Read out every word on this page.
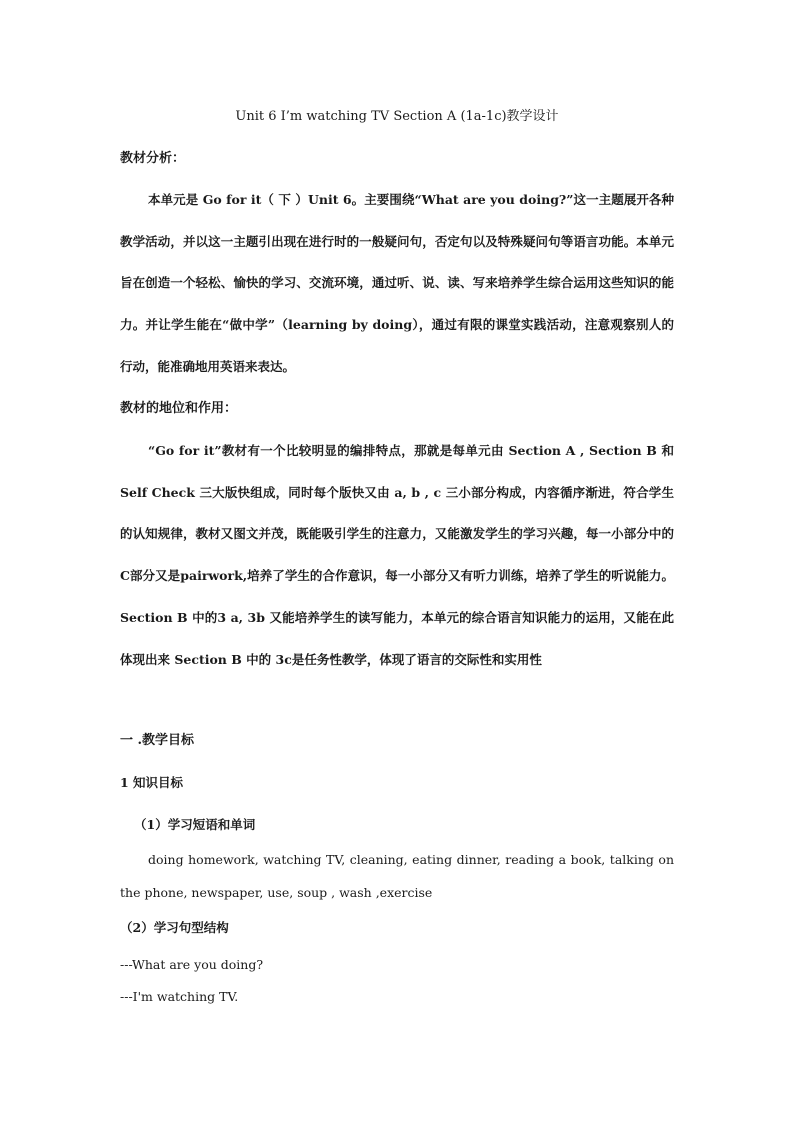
Unit 6 I’m watching TV Section A (1a-1c)教学设计
教材分析：

本单元是 Go for it（ 下 ）Unit 6。主要围绕“What are you doing?”这一主题展开各种教学活动，并以这一主题引出现在进行时的一般疑问句，否定句以及特殊疑问句等语言功能。本单元旨在创造一个轻松、愉快的学习、交流环境，通过听、说、读、写来培养学生综合运用这些知识的能力。并让学生能在“做中学”（learning by doing），通过有限的课堂实践活动，注意观察别人的行动，能准确地用英语来表达。

教材的地位和作用：

“Go for it”教材有一个比较明显的编排特点，那就是每单元由 Section A , Section B 和 Self Check 三大版快组成，同时每个版快又由 a, b , c 三小部分构成，内容循序渐进，符合学生的认知规律，教材又图文并茂，既能吸引学生的注意力，又能激发学生的学习兴趣，每一小部分中的C部分又是pairwork,培养了学生的合作意识，每一小部分又有听力训练，培养了学生的听说能力。Section B 中的3 a, 3b 又能培养学生的读写能力，本单元的综合语言知识能力的运用，又能在此体现出来 Section B 中的 3c是任务性教学，体现了语言的交际性和实用性

一 .教学目标
1 知识目标
（1）学习短语和单词

doing homework, watching TV, cleaning, eating dinner, reading a book, talking on the phone, newspaper, use, soup , wash ,exercise

（2）学习句型结构
---What are you doing?
---I'm watching TV.
